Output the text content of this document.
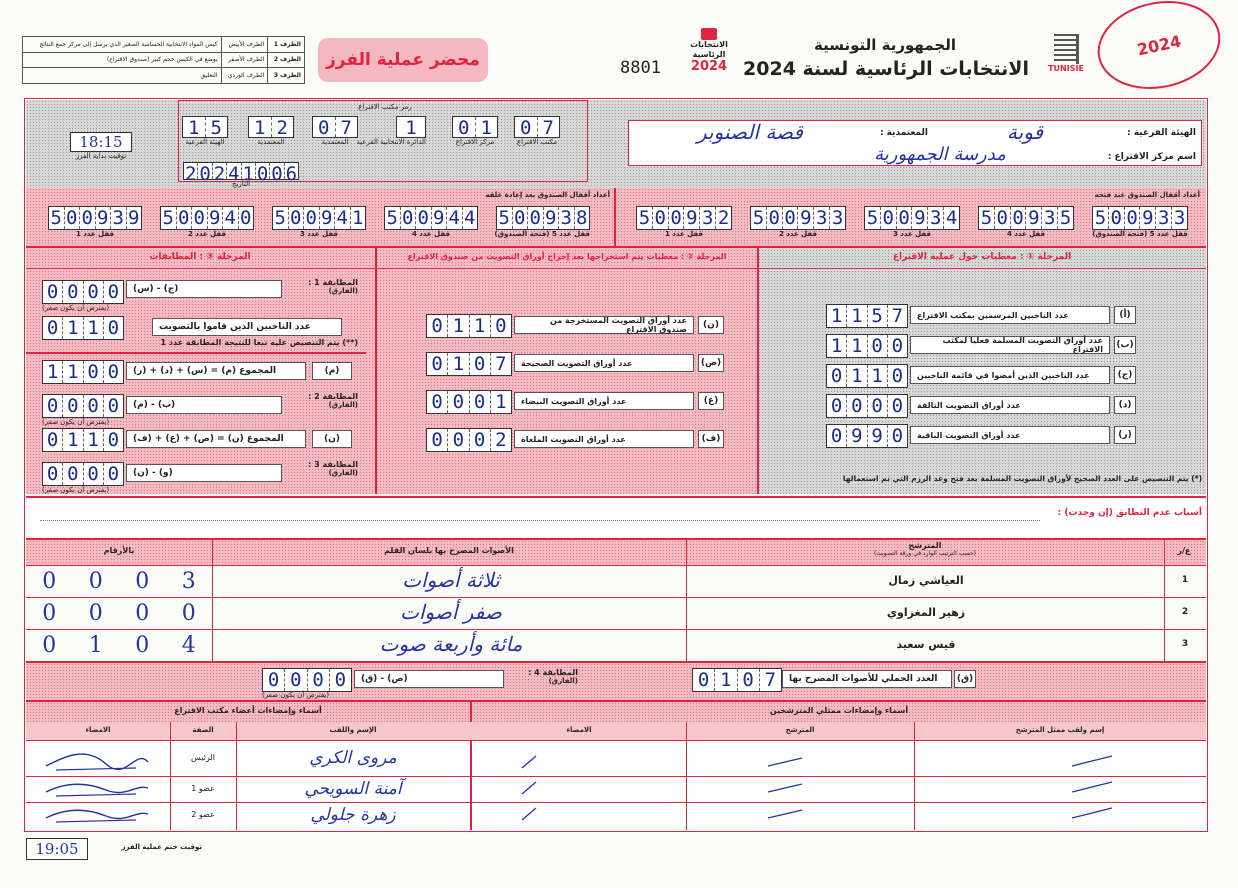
الظرف 1	الظرف الأبيض	كيس المواد الانتخابية الحساسة الصغير الذي يرسل إلى مركز جمع النتائج
الظرف 2	الظرف الأصفر	يوضع في الكيس حجم كبير (صندوق الاقتراع)
الظرف 3	الظرف الوردي	التعليق
محضر عملية الفرز	8801
الانتخابات
الرئاسية
2024
الجمهورية التونسية
الانتخابات الرئاسية لسنة 2024	TUNISIE
2024
رمز مكتب الاقتراع
0 7
مكتب الاقتراع
0 1
مركز الاقتراع
1
الدائرة الانتخابية الفرعية
0 7
المعتمدية
1 2
المعتمدية
1 5
الهيئة الفرعية
2 0 2 4 1 0 0 6
التاريخ
18:15
توقيت بداية الفرز
الهيئة الفرعية :
قوبة
المعتمدية :
قصة الصنوبر
اسم مركز الاقتراع :
مدرسة الجمهورية
أعداد أقفال الصندوق بعد إعادة غلقه	أعداد أقفال الصندوق عند فتحه
5 0 0 9 3 8
قفل عدد 5 (فتحة الصندوق)
5 0 0 9 4 4
قفل عدد 4
5 0 0 9 4 1
قفل عدد 3
5 0 0 9 4 0
قفل عدد 2
5 0 0 9 3 9
قفل عدد 1
5 0 0 9 3 3
قفل عدد 5 (فتحة الصندوق)
5 0 0 9 3 5
قفل عدد 4
5 0 0 9 3 4
قفل عدد 3
5 0 0 9 3 3
قفل عدد 2
5 0 0 9 3 2
قفل عدد 1
المرحلة ③ : المطابقات	المرحلة ② : معطيات يتم استخراجها بعد إخراج أوراق التصويت من صندوق الاقتراع	المرحلة ① : معطيات حول عملية الاقتراع
1 1 5 7	عدد الناخبين المرسمين بمكتب الاقتراع	(أ)
1 1 0 0	عدد أوراق التصويت المسلمة فعليا لمكتب الاقتراع	(ب)
0 1 1 0	عدد الناخبين الذين أمضوا في قائمة الناخبين	(ج)
0 0 0 0	عدد أوراق التصويت التالفة	(د)
0 9 9 0	عدد أوراق التصويت الباقية	(ر)
(*) يتم التنصيص على العدد الصحيح لأوراق التصويت المسلمة بعد فتح وعد الرزم التي تم استعمالها
0 1 1 0	عدد أوراق التصويت المستخرجة من صندوق الاقتراع	(ن)
0 1 0 7	عدد أوراق التصويت الصحيحة	(ص)
0 0 0 1	عدد أوراق التصويت البيضاء	(ع)
0 0 0 2	عدد أوراق التصويت الملغاة	(ف)
0 0 0 0	(ج) - (س)
المطابقة 1 :
(الفارق)
(يفترض أن يكون صفر)
0 1 1 0	عدد الناخبين الذين قاموا بالتصويت
(**) يتم التنصيص عليه تبعا للنتيجة المطابقة عدد 1
1 1 0 0	المجموع (م) = (س) + (د) + (ر)	(م)
0 0 0 0	(ب) - (م)
المطابقة 2 :
(الفارق)
(يفترض أن يكون صفر)
0 1 1 0	المجموع (ن) = (ص) + (ع) + (ف)	(ن)
0 0 0 0	(و) - (ن)
المطابقة 3 :
(الفارق)
(يفترض أن يكون صفر)
أسباب عدم التطابق (إن وجدت) :
ع/ر
المترشح
(حسب الترتيب الوارد في ورقة التصويت)
الأصوات المصرح بها بلسان القلم
بالأرقام
1
العياشي زمال
ثلاثة أصوات
0	0	0	3
2
زهير المغزاوي
صفر أصوات
0	0	0	0
3
قيس سعيد
مائة وأربعة صوت
0	1	0	4
0 1 0 7	العدد الجملي للأصوات المصرح بها (ق)
0 0 0 0	(ص) - (ق)
المطابقة 4 :
(الفارق)
(يفترض أن يكون صفر)
أسماء وإمضاءات ممثلي المترشحين
أسماء وإمضاءات أعضاء مكتب الاقتراع
إسم ولقب ممثل المترشح
المترشح
الامضاء
الإسم واللقب
الصفة
الامضاء
مروى الكري
الرئيس
آمنة السويحي
عضو 1
زهرة جلولي
عضو 2
19:05	توقيت ختم عملية الفرز
